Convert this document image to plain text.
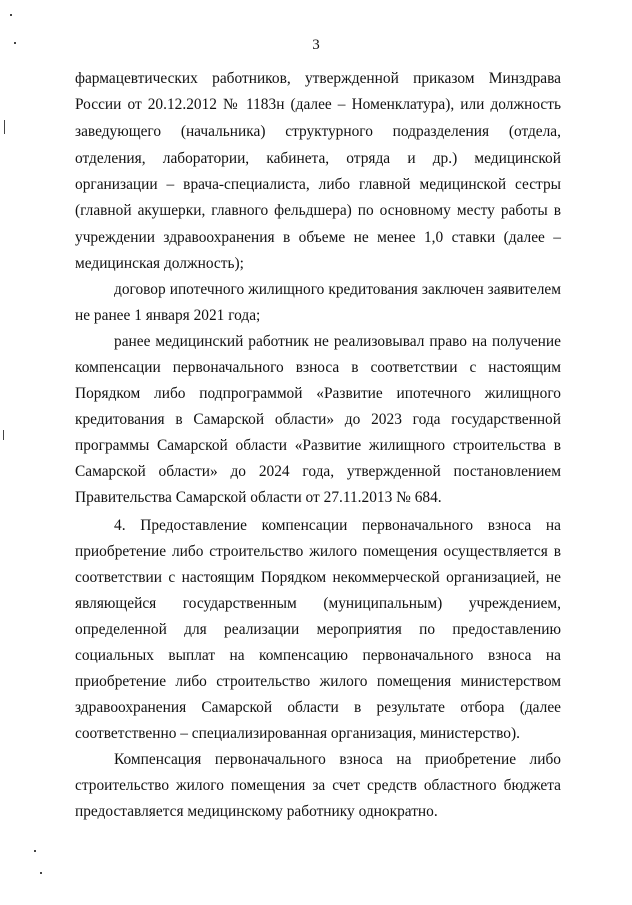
3
фармацевтических работников, утвержденной приказом Минздрава
России от 20.12.2012 № 1183н (далее – Номенклатура), или должность
заведующего (начальника) структурного подразделения (отдела,
отделения, лаборатории, кабинета, отряда и др.) медицинской
организации – врача-специалиста, либо главной медицинской сестры
(главной акушерки, главного фельдшера) по основному месту работы в
учреждении здравоохранения в объеме не менее 1,0 ставки (далее –
медицинская должность);
договор ипотечного жилищного кредитования заключен заявителем
не ранее 1 января 2021 года;
ранее медицинский работник не реализовывал право на получение
компенсации первоначального взноса в соответствии с настоящим
Порядком либо подпрограммой «Развитие ипотечного жилищного
кредитования в Самарской области» до 2023 года государственной
программы Самарской области «Развитие жилищного строительства в
Самарской области» до 2024 года, утвержденной постановлением
Правительства Самарской области от 27.11.2013 № 684.
4. Предоставление компенсации первоначального взноса на
приобретение либо строительство жилого помещения осуществляется в
соответствии с настоящим Порядком некоммерческой организацией, не
являющейся государственным (муниципальным) учреждением,
определенной для реализации мероприятия по предоставлению
социальных выплат на компенсацию первоначального взноса на
приобретение либо строительство жилого помещения министерством
здравоохранения Самарской области в результате отбора (далее
соответственно – специализированная организация, министерство).
Компенсация первоначального взноса на приобретение либо
строительство жилого помещения за счет средств областного бюджета
предоставляется медицинскому работнику однократно.
